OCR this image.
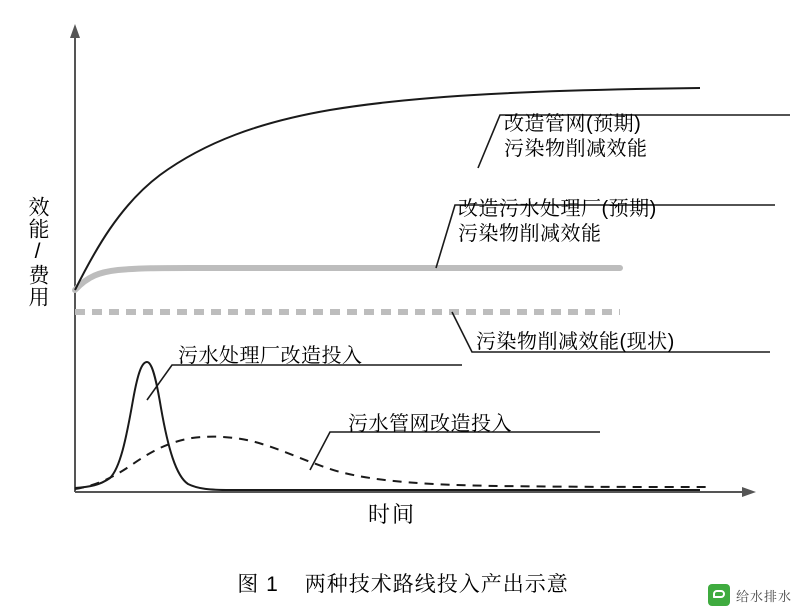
效能/费用
时间
改造管网(预期)
污染物削减效能
改造污水处理厂(预期)
污染物削减效能
污染物削减效能(现状)
污水处理厂改造投入
污水管网改造投入
图 1 两种技术路线投入产出示意	给水排水
